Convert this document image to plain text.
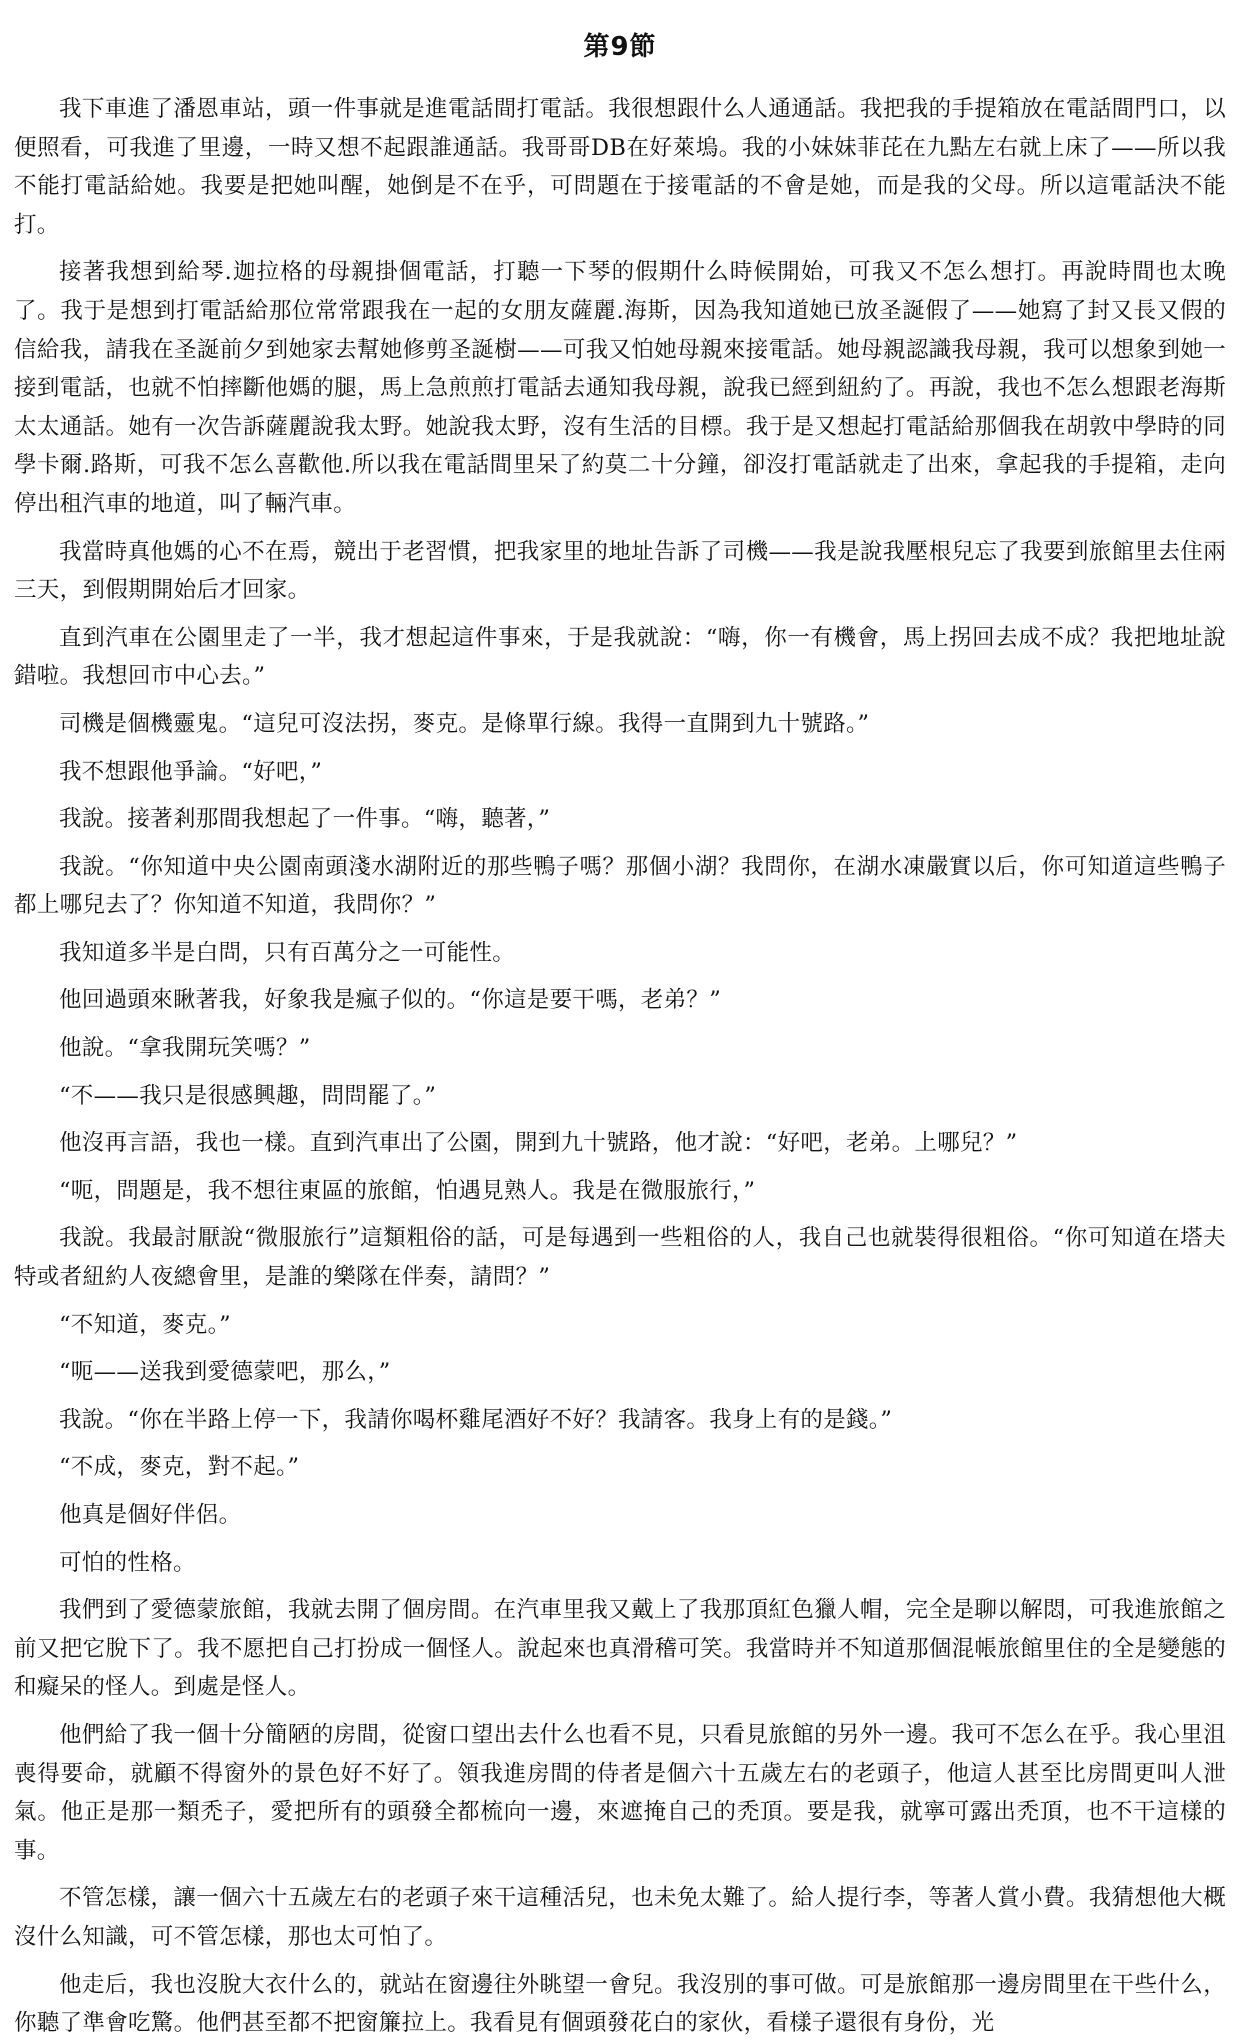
第9節

我下車進了潘恩車站，頭一件事就是進電話間打電話。我很想跟什么人通通話。我把我的手提箱放在電話間門口，以便照看，可我進了里邊，一時又想不起跟誰通話。我哥哥DB在好萊塢。我的小妹妹菲芘在九點左右就上床了——所以我不能打電話給她。我要是把她叫醒，她倒是不在乎，可問題在于接電話的不會是她，而是我的父母。所以這電話決不能打。

接著我想到給琴.迦拉格的母親掛個電話，打聽一下琴的假期什么時候開始，可我又不怎么想打。再說時間也太晚了。我于是想到打電話給那位常常跟我在一起的女朋友薩麗.海斯，因為我知道她已放圣誕假了——她寫了封又長又假的信給我，請我在圣誕前夕到她家去幫她修剪圣誕樹——可我又怕她母親來接電話。她母親認識我母親，我可以想象到她一接到電話，也就不怕摔斷他媽的腿，馬上急煎煎打電話去通知我母親，說我已經到紐約了。再說，我也不怎么想跟老海斯太太通話。她有一次告訴薩麗說我太野。她說我太野，沒有生活的目標。我于是又想起打電話給那個我在胡敦中學時的同學卡爾.路斯，可我不怎么喜歡他.所以我在電話間里呆了約莫二十分鐘，卻沒打電話就走了出來，拿起我的手提箱，走向停出租汽車的地道，叫了輛汽車。

我當時真他媽的心不在焉，競出于老習慣，把我家里的地址告訴了司機——我是說我壓根兒忘了我要到旅館里去住兩三天，到假期開始后才回家。

直到汽車在公園里走了一半，我才想起這件事來，于是我就說：“嗨，你一有機會，馬上拐回去成不成？我把地址說錯啦。我想回市中心去。”

司機是個機靈鬼。“這兒可沒法拐，麥克。是條單行線。我得一直開到九十號路。”

我不想跟他爭論。“好吧，”

我說。接著剎那間我想起了一件事。“嗨，聽著，”

我說。“你知道中央公園南頭淺水湖附近的那些鴨子嗎？那個小湖？我問你，在湖水凍嚴實以后，你可知道這些鴨子都上哪兒去了？你知道不知道，我問你？”

我知道多半是白問，只有百萬分之一可能性。

他回過頭來瞅著我，好象我是瘋子似的。“你這是要干嗎，老弟？”

他說。“拿我開玩笑嗎？”

“不——我只是很感興趣，問問罷了。”

他沒再言語，我也一樣。直到汽車出了公園，開到九十號路，他才說：“好吧，老弟。上哪兒？”

“呃，問題是，我不想往東區的旅館，怕遇見熟人。我是在微服旅行，”

我說。我最討厭說“微服旅行”這類粗俗的話，可是每遇到一些粗俗的人，我自己也就裝得很粗俗。“你可知道在塔夫特或者紐約人夜總會里，是誰的樂隊在伴奏，請問？”

“不知道，麥克。”

“呃——送我到愛德蒙吧，那么，”

我說。“你在半路上停一下，我請你喝杯雞尾酒好不好？我請客。我身上有的是錢。”

“不成，麥克，對不起。”

他真是個好伴侶。

可怕的性格。

我們到了愛德蒙旅館，我就去開了個房間。在汽車里我又戴上了我那頂紅色獵人帽，完全是聊以解悶，可我進旅館之前又把它脫下了。我不愿把自己打扮成一個怪人。說起來也真滑稽可笑。我當時并不知道那個混帳旅館里住的全是變態的和癡呆的怪人。到處是怪人。

他們給了我一個十分簡陋的房間，從窗口望出去什么也看不見，只看見旅館的另外一邊。我可不怎么在乎。我心里沮喪得要命，就顧不得窗外的景色好不好了。領我進房間的侍者是個六十五歲左右的老頭子，他這人甚至比房間更叫人泄氣。他正是那一類禿子，愛把所有的頭發全都梳向一邊，來遮掩自己的禿頂。要是我，就寧可露出禿頂，也不干這樣的事。

不管怎樣，讓一個六十五歲左右的老頭子來干這種活兒，也未免太難了。給人提行李，等著人賞小費。我猜想他大概沒什么知識，可不管怎樣，那也太可怕了。

他走后，我也沒脫大衣什么的，就站在窗邊往外眺望一會兒。我沒別的事可做。可是旅館那一邊房間里在干些什么，你聽了準會吃驚。他們甚至都不把窗簾拉上。我看見有個頭發花白的家伙，看樣子還很有身份，光
